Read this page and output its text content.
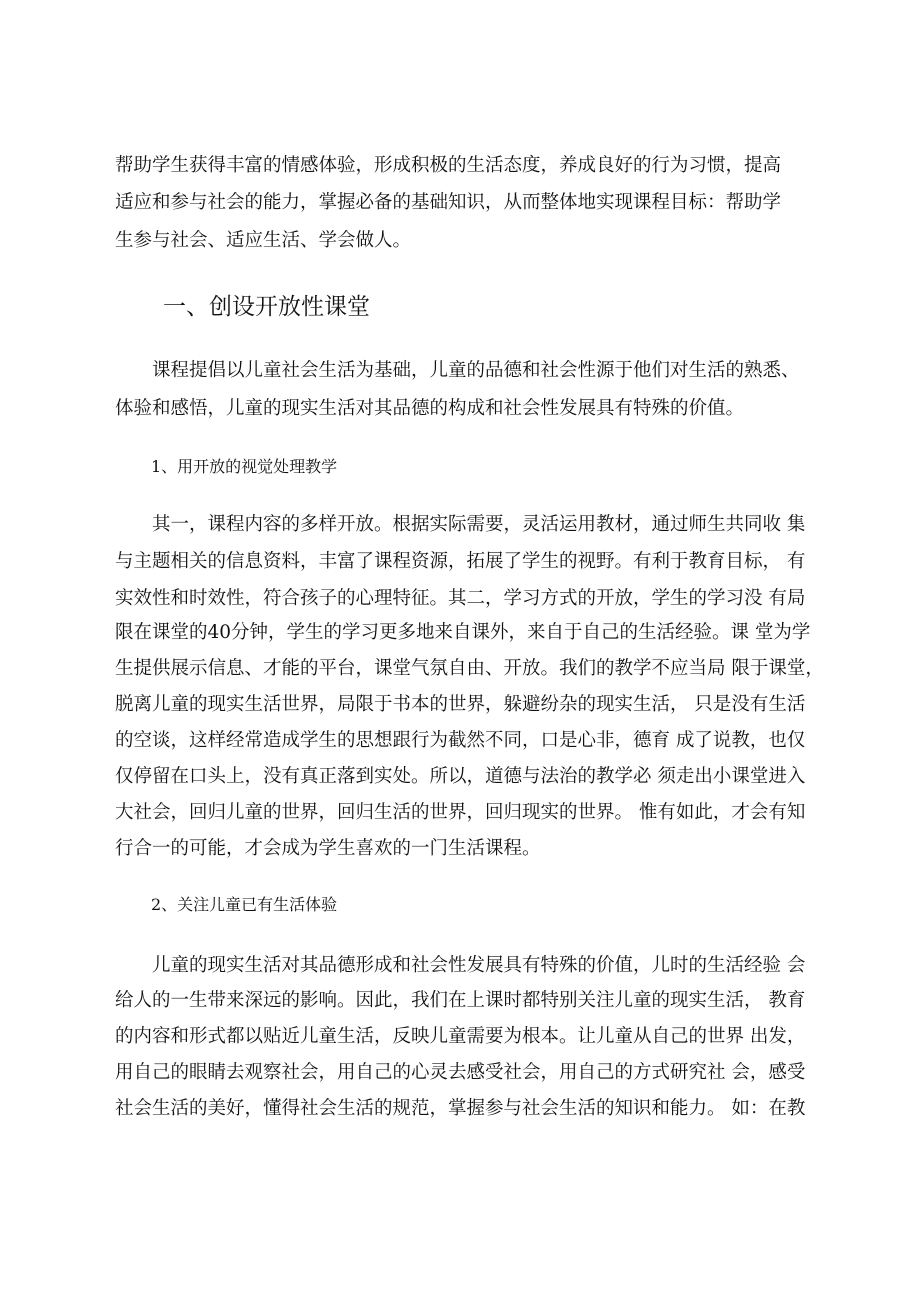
帮助学生获得丰富的情感体验，形成积极的生活态度，养成良好的行为习惯，提高
适应和参与社会的能力，掌握必备的基础知识，从而整体地实现课程目标：帮助学
生参与社会、适应生活、学会做人。
一、创设开放性课堂
　　课程提倡以儿童社会生活为基础，儿童的品德和社会性源于他们对生活的熟悉、
体验和感悟，儿童的现实生活对其品德的构成和社会性发展具有特殊的价值。
1、用开放的视觉处理教学
　　其一，课程内容的多样开放。根据实际需要，灵活运用教材，通过师生共同收 集
与主题相关的信息资料，丰富了课程资源，拓展了学生的视野。有利于教育目标， 有
实效性和时效性，符合孩子的心理特征。其二，学习方式的开放，学生的学习没 有局
限在课堂的40分钟，学生的学习更多地来自课外，来自于自己的生活经验。课 堂为学
生提供展示信息、才能的平台，课堂气氛自由、开放。我们的教学不应当局 限于课堂，
脱离儿童的现实生活世界，局限于书本的世界，躲避纷杂的现实生活， 只是没有生活
的空谈，这样经常造成学生的思想跟行为截然不同，口是心非，德育 成了说教，也仅
仅停留在口头上，没有真正落到实处。所以，道德与法治的教学必 须走出小课堂进入
大社会，回归儿童的世界，回归生活的世界，回归现实的世界。 惟有如此，才会有知
行合一的可能，才会成为学生喜欢的一门生活课程。
2、关注儿童已有生活体验
　　儿童的现实生活对其品德形成和社会性发展具有特殊的价值，儿时的生活经验 会
给人的一生带来深远的影响。因此，我们在上课时都特别关注儿童的现实生活， 教育
的内容和形式都以贴近儿童生活，反映儿童需要为根本。让儿童从自己的世界 出发，
用自己的眼睛去观察社会，用自己的心灵去感受社会，用自己的方式研究社 会，感受
社会生活的美好，懂得社会生活的规范，掌握参与社会生活的知识和能力。 如：在教
